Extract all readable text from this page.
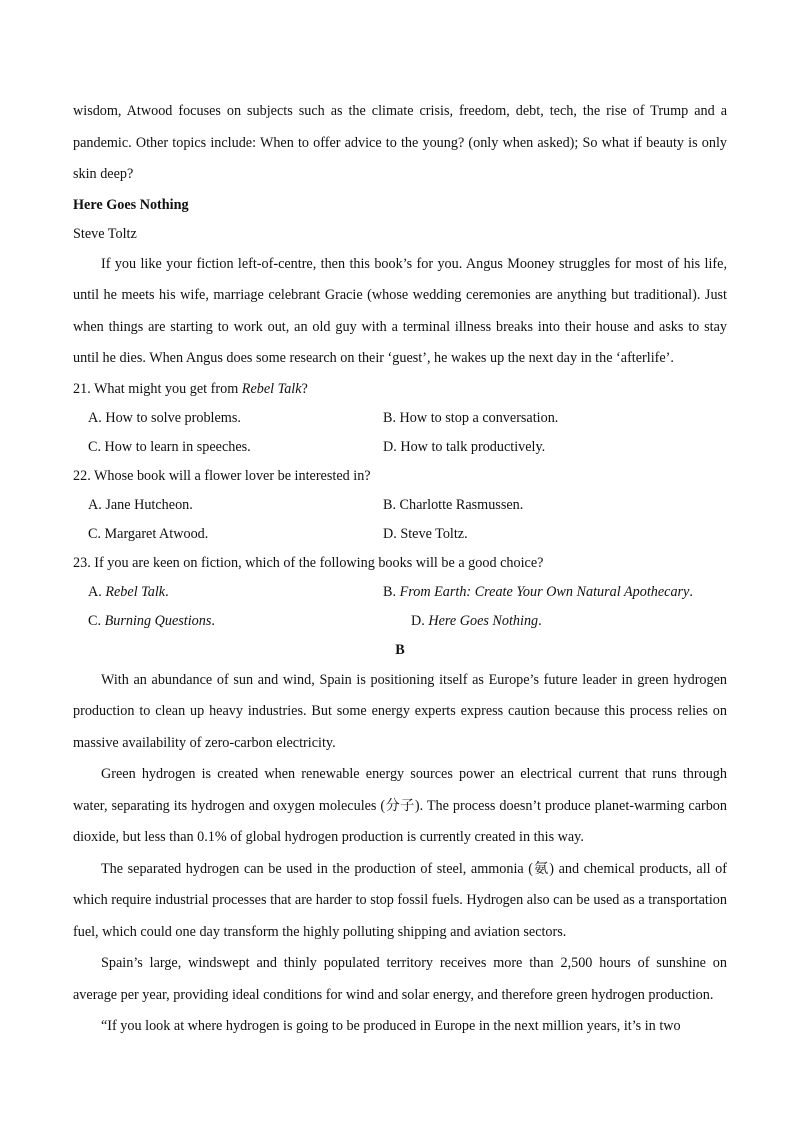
wisdom, Atwood focuses on subjects such as the climate crisis, freedom, debt, tech, the rise of Trump and a pandemic. Other topics include: When to offer advice to the young? (only when asked); So what if beauty is only skin deep?

Here Goes Nothing
Steve Toltz

If you like your fiction left-of-centre, then this book’s for you. Angus Mooney struggles for most of his life, until he meets his wife, marriage celebrant Gracie (whose wedding ceremonies are anything but traditional). Just when things are starting to work out, an old guy with a terminal illness breaks into their house and asks to stay until he dies. When Angus does some research on their ‘guest’, he wakes up the next day in the ‘afterlife’.

21. What might you get from Rebel Talk?
A. How to solve problems.	B. How to stop a conversation.
C. How to learn in speeches.	D. How to talk productively.
22. Whose book will a flower lover be interested in?
A. Jane Hutcheon.	B. Charlotte Rasmussen.
C. Margaret Atwood.	D. Steve Toltz.
23. If you are keen on fiction, which of the following books will be a good choice?
A. Rebel Talk.	B. From Earth: Create Your Own Natural Apothecary.
C. Burning Questions.	D. Here Goes Nothing.
B

With an abundance of sun and wind, Spain is positioning itself as Europe’s future leader in green hydrogen production to clean up heavy industries. But some energy experts express caution because this process relies on massive availability of zero-carbon electricity.

Green hydrogen is created when renewable energy sources power an electrical current that runs through water, separating its hydrogen and oxygen molecules (分子). The process doesn’t produce planet-warming carbon dioxide, but less than 0.1% of global hydrogen production is currently created in this way.

The separated hydrogen can be used in the production of steel, ammonia (氨) and chemical products, all of which require industrial processes that are harder to stop fossil fuels. Hydrogen also can be used as a transportation fuel, which could one day transform the highly polluting shipping and aviation sectors.

Spain’s large, windswept and thinly populated territory receives more than 2,500 hours of sunshine on average per year, providing ideal conditions for wind and solar energy, and therefore green hydrogen production.

“If you look at where hydrogen is going to be produced in Europe in the next million years, it’s in two
